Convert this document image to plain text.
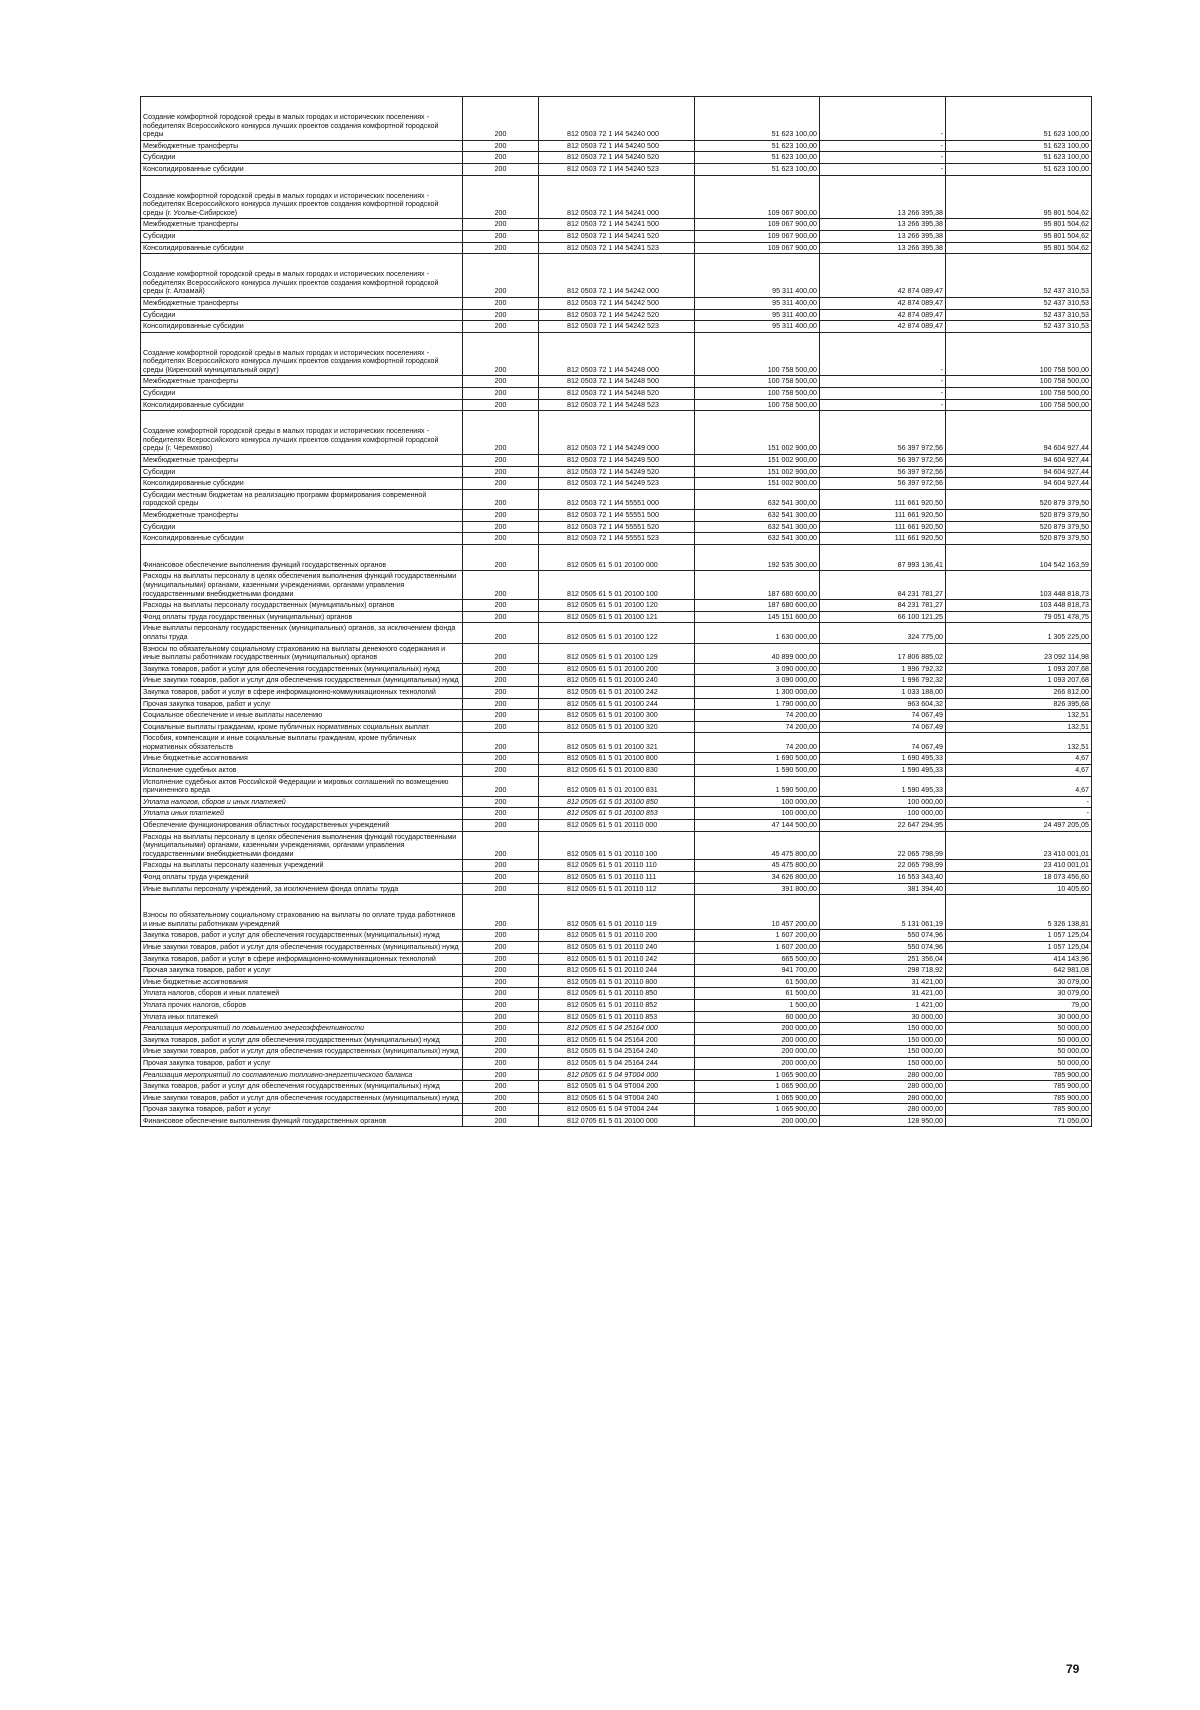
Создание комфортной городской среды в малых городах и исторических поселениях - победителях Всероссийского конкурса лучших проектов создания комфортной городской среды	200	812 0503 72 1 И4 54240 000	51 623 100,00	-	51 623 100,00
Межбюджетные трансферты	200	812 0503 72 1 И4 54240 500	51 623 100,00	-	51 623 100,00
Субсидии	200	812 0503 72 1 И4 54240 520	51 623 100,00	-	51 623 100,00
Консолидированные субсидии	200	812 0503 72 1 И4 54240 523	51 623 100,00	-	51 623 100,00
Создание комфортной городской среды в малых городах и исторических поселениях - победителях Всероссийского конкурса лучших проектов создания комфортной городской среды (г. Усолье-Сибирское)	200	812 0503 72 1 И4 54241 000	109 067 900,00	13 266 395,38	95 801 504,62
Межбюджетные трансферты	200	812 0503 72 1 И4 54241 500	109 067 900,00	13 266 395,38	95 801 504,62
Субсидии	200	812 0503 72 1 И4 54241 520	109 067 900,00	13 266 395,38	95 801 504,62
Консолидированные субсидии	200	812 0503 72 1 И4 54241 523	109 067 900,00	13 266 395,38	95 801 504,62
Создание комфортной городской среды в малых городах и исторических поселениях - победителях Всероссийского конкурса лучших проектов создания комфортной городской среды (г. Алзамай)	200	812 0503 72 1 И4 54242 000	95 311 400,00	42 874 089,47	52 437 310,53
Межбюджетные трансферты	200	812 0503 72 1 И4 54242 500	95 311 400,00	42 874 089,47	52 437 310,53
Субсидии	200	812 0503 72 1 И4 54242 520	95 311 400,00	42 874 089,47	52 437 310,53
Консолидированные субсидии	200	812 0503 72 1 И4 54242 523	95 311 400,00	42 874 089,47	52 437 310,53
Создание комфортной городской среды в малых городах и исторических поселениях - победителях Всероссийского конкурса лучших проектов создания комфортной городской среды (Киренский муниципальный округ)	200	812 0503 72 1 И4 54248 000	100 758 500,00	-	100 758 500,00
Межбюджетные трансферты	200	812 0503 72 1 И4 54248 500	100 758 500,00	-	100 758 500,00
Субсидии	200	812 0503 72 1 И4 54248 520	100 758 500,00	-	100 758 500,00
Консолидированные субсидии	200	812 0503 72 1 И4 54248 523	100 758 500,00	-	100 758 500,00
Создание комфортной городской среды в малых городах и исторических поселениях - победителях Всероссийского конкурса лучших проектов создания комфортной городской среды (г. Черемхово)	200	812 0503 72 1 И4 54249 000	151 002 900,00	56 397 972,56	94 604 927,44
Межбюджетные трансферты	200	812 0503 72 1 И4 54249 500	151 002 900,00	56 397 972,56	94 604 927,44
Субсидии	200	812 0503 72 1 И4 54249 520	151 002 900,00	56 397 972,56	94 604 927,44
Консолидированные субсидии	200	812 0503 72 1 И4 54249 523	151 002 900,00	56 397 972,56	94 604 927,44
Субсидии местным бюджетам на реализацию программ формирования современной городской среды	200	812 0503 72 1 И4 55551 000	632 541 300,00	111 661 920,50	520 879 379,50
Межбюджетные трансферты	200	812 0503 72 1 И4 55551 500	632 541 300,00	111 661 920,50	520 879 379,50
Субсидии	200	812 0503 72 1 И4 55551 520	632 541 300,00	111 661 920,50	520 879 379,50
Консолидированные субсидии	200	812 0503 72 1 И4 55551 523	632 541 300,00	111 661 920,50	520 879 379,50
Финансовое обеспечение выполнения функций государственных органов	200	812 0505 61 5 01 20100 000	192 535 300,00	87 993 136,41	104 542 163,59
Расходы на выплаты персоналу в целях обеспечения выполнения функций государственными (муниципальными) органами, казенными учреждениями, органами управления государственными внебюджетными фондами	200	812 0505 61 5 01 20100 100	187 680 600,00	84 231 781,27	103 448 818,73
Расходы на выплаты персоналу государственных (муниципальных) органов	200	812 0505 61 5 01 20100 120	187 680 600,00	84 231 781,27	103 448 818,73
Фонд оплаты труда государственных (муниципальных) органов	200	812 0505 61 5 01 20100 121	145 151 600,00	66 100 121,25	79 051 478,75
Иные выплаты персоналу государственных (муниципальных) органов, за исключением фонда оплаты труда	200	812 0505 61 5 01 20100 122	1 630 000,00	324 775,00	1 305 225,00
Взносы по обязательному социальному страхованию на выплаты денежного содержания и иные выплаты работникам государственных (муниципальных) органов	200	812 0505 61 5 01 20100 129	40 899 000,00	17 806 885,02	23 092 114,98
Закупка товаров, работ и услуг для обеспечения государственных (муниципальных) нужд	200	812 0505 61 5 01 20100 200	3 090 000,00	1 996 792,32	1 093 207,68
Иные закупки товаров, работ и услуг для обеспечения государственных (муниципальных) нужд	200	812 0505 61 5 01 20100 240	3 090 000,00	1 996 792,32	1 093 207,68
Закупка товаров, работ и услуг в сфере информационно-коммуникационных технологий	200	812 0505 61 5 01 20100 242	1 300 000,00	1 033 188,00	266 812,00
Прочая закупка товаров, работ и услуг	200	812 0505 61 5 01 20100 244	1 790 000,00	963 604,32	826 395,68
Социальное обеспечение и иные выплаты населению	200	812 0505 61 5 01 20100 300	74 200,00	74 067,49	132,51
Социальные выплаты гражданам, кроме публичных нормативных социальных выплат	200	812 0505 61 5 01 20100 320	74 200,00	74 067,49	132,51
Пособия, компенсации и иные социальные выплаты гражданам, кроме публичных нормативных обязательств	200	812 0505 61 5 01 20100 321	74 200,00	74 067,49	132,51
Иные бюджетные ассигнования	200	812 0505 61 5 01 20100 800	1 690 500,00	1 690 495,33	4,67
Исполнение судебных актов	200	812 0505 61 5 01 20100 830	1 590 500,00	1 590 495,33	4,67
Исполнение судебных актов Российской Федерации и мировых соглашений по возмещению причиненного вреда	200	812 0505 61 5 01 20100 831	1 590 500,00	1 590 495,33	4,67
Уплата налогов, сборов и иных платежей	200	812 0505 61 5 01 20100 850	100 000,00	100 000,00	-
Уплата иных платежей	200	812 0505 61 5 01 20100 853	100 000,00	100 000,00	-
Обеспечение функционирования областных государственных учреждений	200	812 0505 61 5 01 20110 000	47 144 500,00	22 647 294,95	24 497 205,05
Расходы на выплаты персоналу в целях обеспечения выполнения функций государственными (муниципальными) органами, казенными учреждениями, органами управления государственными внебюджетными фондами	200	812 0505 61 5 01 20110 100	45 475 800,00	22 065 798,99	23 410 001,01
Расходы на выплаты персоналу казенных учреждений	200	812 0505 61 5 01 20110 110	45 475 800,00	22 065 798,99	23 410 001,01
Фонд оплаты труда учреждений	200	812 0505 61 5 01 20110 111	34 626 800,00	16 553 343,40	18 073 456,60
Иные выплаты персоналу учреждений, за исключением фонда оплаты труда	200	812 0505 61 5 01 20110 112	391 800,00	381 394,40	10 405,60
Взносы по обязательному социальному страхованию на выплаты по оплате труда работников и иные выплаты работникам учреждений	200	812 0505 61 5 01 20110 119	10 457 200,00	5 131 061,19	5 326 138,81
Закупка товаров, работ и услуг для обеспечения государственных (муниципальных) нужд	200	812 0505 61 5 01 20110 200	1 607 200,00	550 074,96	1 057 125,04
Иные закупки товаров, работ и услуг для обеспечения государственных (муниципальных) нужд	200	812 0505 61 5 01 20110 240	1 607 200,00	550 074,96	1 057 125,04
Закупка товаров, работ и услуг в сфере информационно-коммуникационных технологий	200	812 0505 61 5 01 20110 242	665 500,00	251 356,04	414 143,96
Прочая закупка товаров, работ и услуг	200	812 0505 61 5 01 20110 244	941 700,00	298 718,92	642 981,08
Иные бюджетные ассигнования	200	812 0505 61 5 01 20110 800	61 500,00	31 421,00	30 079,00
Уплата налогов, сборов и иных платежей	200	812 0505 61 5 01 20110 850	61 500,00	31 421,00	30 079,00
Уплата прочих налогов, сборов	200	812 0505 61 5 01 20110 852	1 500,00	1 421,00	79,00
Уплата иных платежей	200	812 0505 61 5 01 20110 853	60 000,00	30 000,00	30 000,00
Реализация мероприятий по повышению энергоэффективности	200	812 0505 61 5 04 25164 000	200 000,00	150 000,00	50 000,00
Закупка товаров, работ и услуг для обеспечения государственных (муниципальных) нужд	200	812 0505 61 5 04 25164 200	200 000,00	150 000,00	50 000,00
Иные закупки товаров, работ и услуг для обеспечения государственных (муниципальных) нужд	200	812 0505 61 5 04 25164 240	200 000,00	150 000,00	50 000,00
Прочая закупка товаров, работ и услуг	200	812 0505 61 5 04 25164 244	200 000,00	150 000,00	50 000,00
Реализация мероприятий по составлению топливно-энергетического баланса	200	812 0505 61 5 04 9Т004 000	1 065 900,00	280 000,00	785 900,00
Закупка товаров, работ и услуг для обеспечения государственных (муниципальных) нужд	200	812 0505 61 5 04 9Т004 200	1 065 900,00	280 000,00	785 900,00
Иные закупки товаров, работ и услуг для обеспечения государственных (муниципальных) нужд	200	812 0505 61 5 04 9Т004 240	1 065 900,00	280 000,00	785 900,00
Прочая закупка товаров, работ и услуг	200	812 0505 61 5 04 9Т004 244	1 065 900,00	280 000,00	785 900,00
Финансовое обеспечение выполнения функций государственных органов	200	812 0705 61 5 01 20100 000	200 000,00	128 950,00	71 050,00
79
